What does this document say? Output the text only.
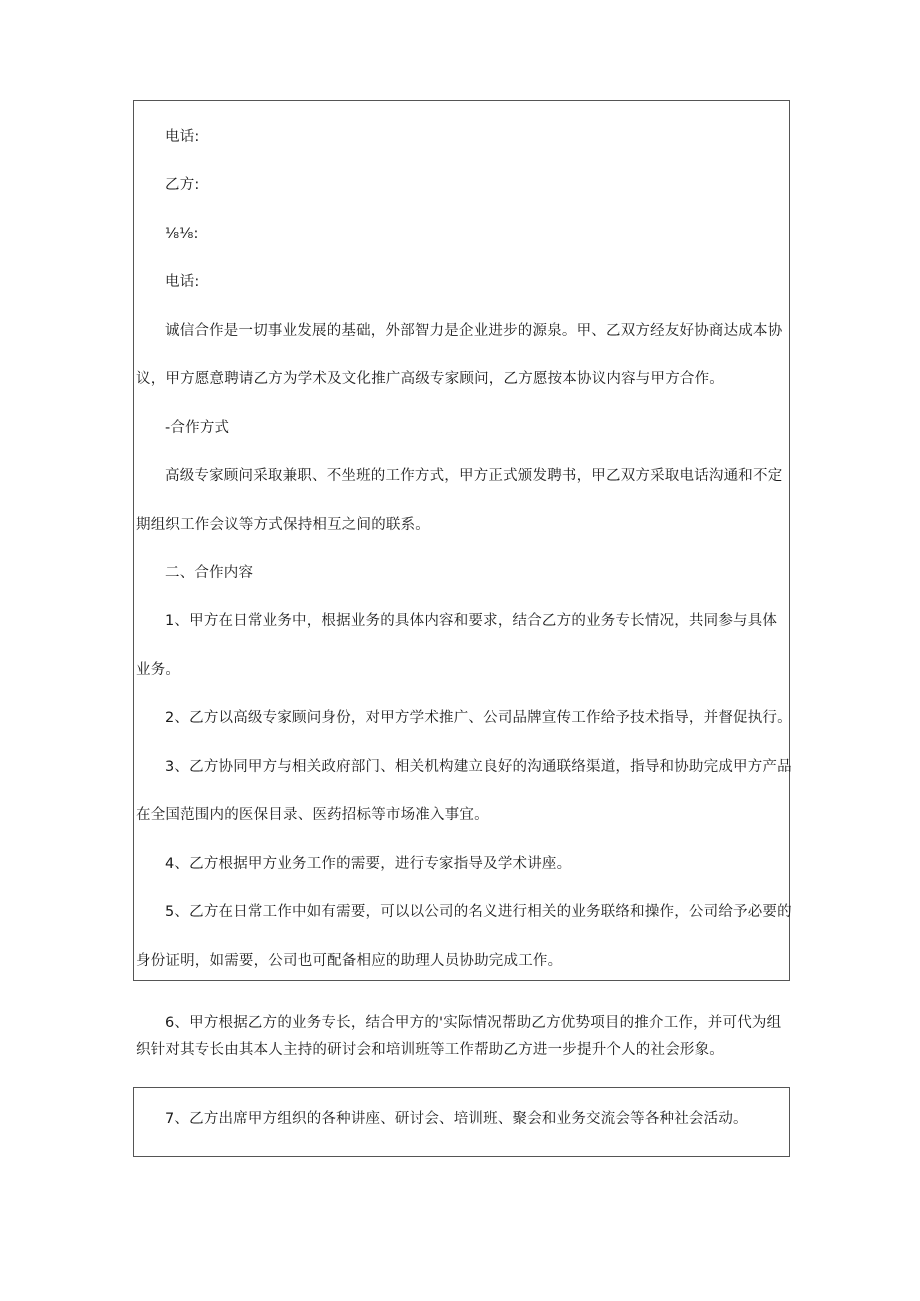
电话:

乙方:

⅛⅛:

电话:

诚信合作是一切事业发展的基础，外部智力是企业进步的源泉。甲、乙双方经友好协商达成本协

议，甲方愿意聘请乙方为学术及文化推广高级专家顾问，乙方愿按本协议内容与甲方合作。

-合作方式

高级专家顾问采取兼职、不坐班的工作方式，甲方正式颁发聘书，甲乙双方采取电话沟通和不定

期组织工作会议等方式保持相互之间的联系。

二、合作内容

1、甲方在日常业务中，根据业务的具体内容和要求，结合乙方的业务专长情况，共同参与具体

业务。

2、乙方以高级专家顾问身份，对甲方学术推广、公司品牌宣传工作给予技术指导，并督促执行。

3、乙方协同甲方与相关政府部门、相关机构建立良好的沟通联络渠道，指导和协助完成甲方产品

在全国范围内的医保目录、医药招标等市场准入事宜。

4、乙方根据甲方业务工作的需要，进行专家指导及学术讲座。

5、乙方在日常工作中如有需要，可以以公司的名义进行相关的业务联络和操作，公司给予必要的

身份证明，如需要，公司也可配备相应的助理人员协助完成工作。

6、甲方根据乙方的业务专长，结合甲方的'实际情况帮助乙方优势项目的推介工作，并可代为组

织针对其专长由其本人主持的研讨会和培训班等工作帮助乙方进一步提升个人的社会形象。

7、乙方出席甲方组织的各种讲座、研讨会、培训班、聚会和业务交流会等各种社会活动。
